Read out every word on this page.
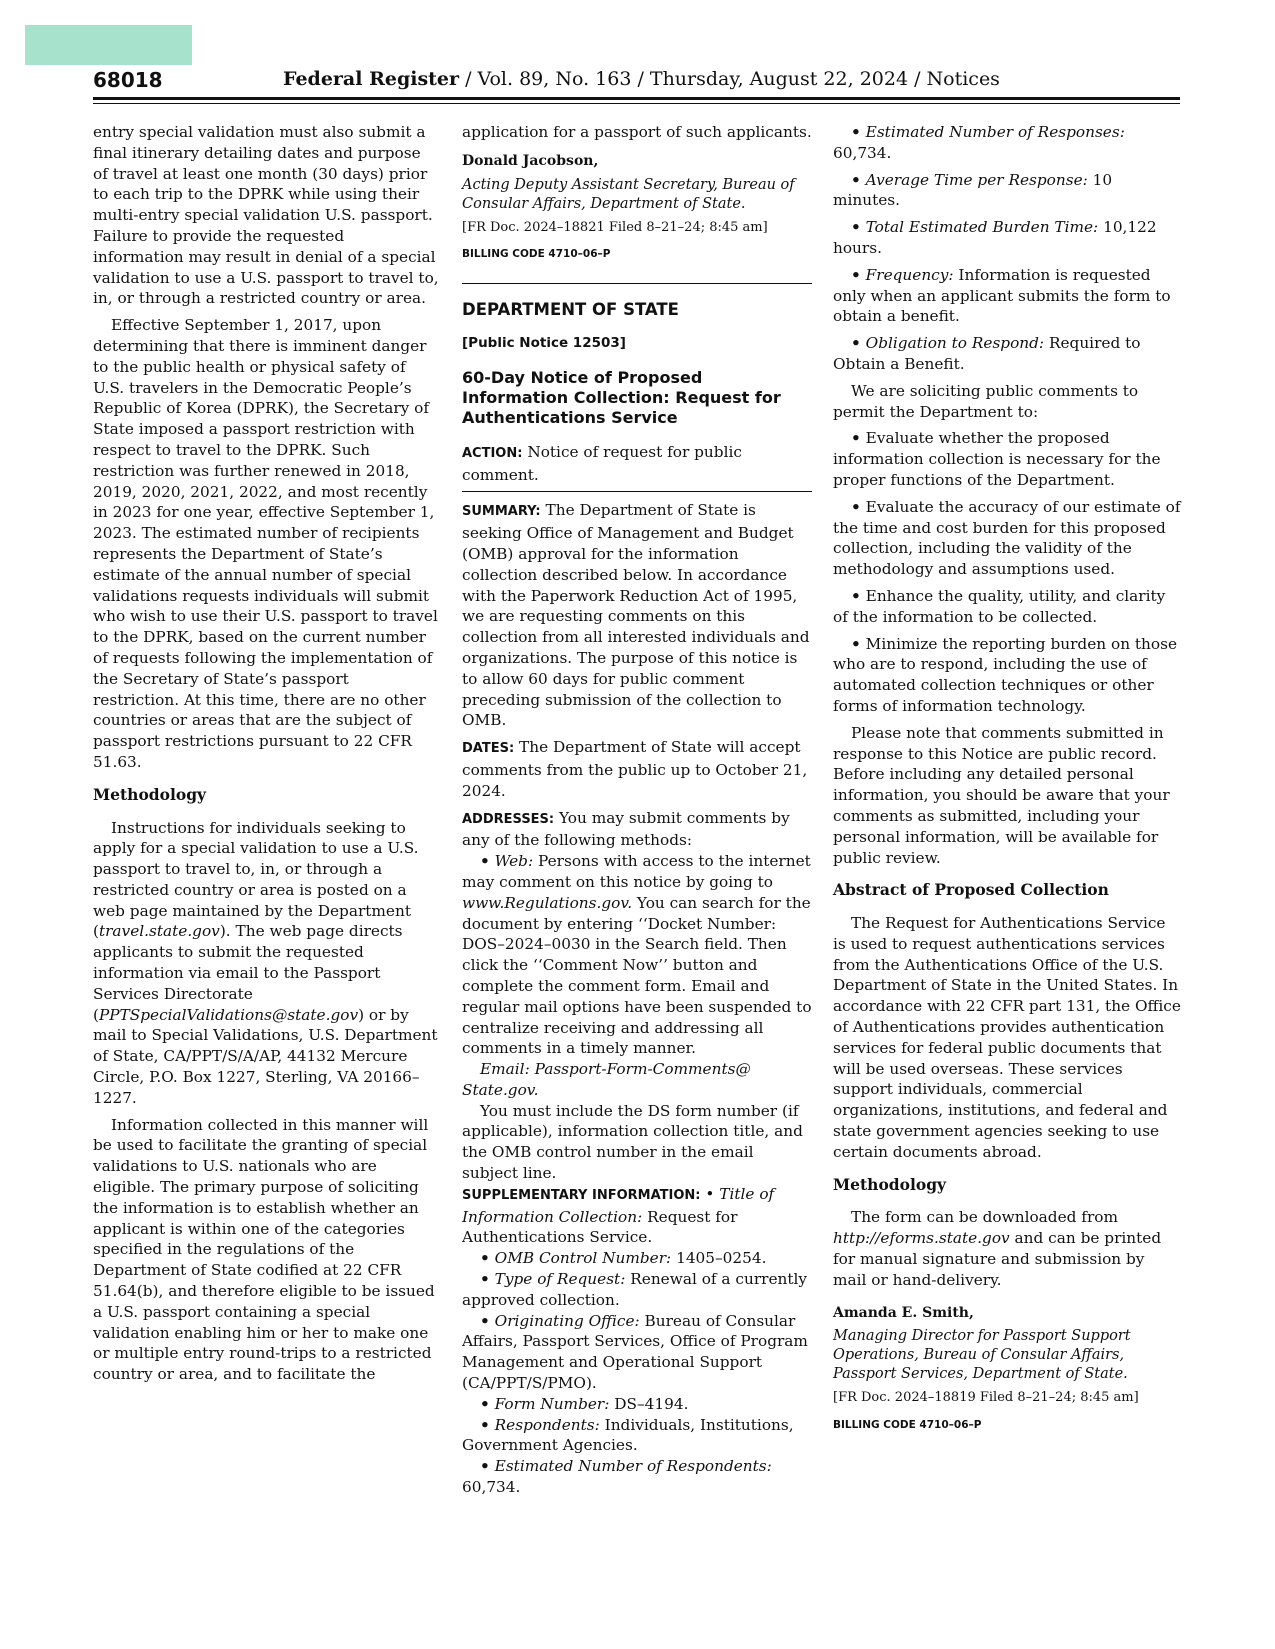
68018	Federal Register / Vol. 89, No. 163 / Thursday, August 22, 2024 / Notices

entry special validation must also submit a final itinerary detailing dates and purpose of travel at least one month (30 days) prior to each trip to the DPRK while using their multi-entry special validation U.S. passport. Failure to provide the requested information may result in denial of a special validation to use a U.S. passport to travel to, in, or through a restricted country or area.

Effective September 1, 2017, upon determining that there is imminent danger to the public health or physical safety of U.S. travelers in the Democratic People’s Republic of Korea (DPRK), the Secretary of State imposed a passport restriction with respect to travel to the DPRK. Such restriction was further renewed in 2018, 2019, 2020, 2021, 2022, and most recently in 2023 for one year, effective September 1, 2023. The estimated number of recipients represents the Department of State’s estimate of the annual number of special validations requests individuals will submit who wish to use their U.S. passport to travel to the DPRK, based on the current number of requests following the implementation of the Secretary of State’s passport restriction. At this time, there are no other countries or areas that are the subject of passport restrictions pursuant to 22 CFR 51.63.

Methodology

Instructions for individuals seeking to apply for a special validation to use a U.S. passport to travel to, in, or through a restricted country or area is posted on a web page maintained by the Department (travel.state.gov). The web page directs applicants to submit the requested information via email to the Passport Services Directorate (PPTSpecialValidations@state.gov) or by mail to Special Validations, U.S. Department of State, CA/PPT/S/A/AP, 44132 Mercure Circle, P.O. Box 1227, Sterling, VA 20166–1227.

Information collected in this manner will be used to facilitate the granting of special validations to U.S. nationals who are eligible. The primary purpose of soliciting the information is to establish whether an applicant is within one of the categories specified in the regulations of the Department of State codified at 22 CFR 51.64(b), and therefore eligible to be issued a U.S. passport containing a special validation enabling him or her to make one or multiple entry round-trips to a restricted country or area, and to facilitate the

application for a passport of such applicants.

Donald Jacobson,

Acting Deputy Assistant Secretary, Bureau of Consular Affairs, Department of State.

[FR Doc. 2024–18821 Filed 8–21–24; 8:45 am]

BILLING CODE 4710–06–P

DEPARTMENT OF STATE

[Public Notice 12503]

60-Day Notice of Proposed Information Collection: Request for Authentications Service

ACTION: Notice of request for public comment.

SUMMARY: The Department of State is seeking Office of Management and Budget (OMB) approval for the information collection described below. In accordance with the Paperwork Reduction Act of 1995, we are requesting comments on this collection from all interested individuals and organizations. The purpose of this notice is to allow 60 days for public comment preceding submission of the collection to OMB.

DATES: The Department of State will accept comments from the public up to October 21, 2024.

ADDRESSES: You may submit comments by any of the following methods:

• Web: Persons with access to the internet may comment on this notice by going to www.Regulations.gov. You can search for the document by entering ‘‘Docket Number: DOS–2024–0030 in the Search field. Then click the ‘‘Comment Now’’ button and complete the comment form. Email and regular mail options have been suspended to centralize receiving and addressing all comments in a timely manner.

Email: Passport-Form-Comments@ State.gov.

You must include the DS form number (if applicable), information collection title, and the OMB control number in the email subject line.

SUPPLEMENTARY INFORMATION: • Title of Information Collection: Request for Authentications Service.

• OMB Control Number: 1405–0254.

• Type of Request: Renewal of a currently approved collection.

• Originating Office: Bureau of Consular Affairs, Passport Services, Office of Program Management and Operational Support (CA/PPT/S/PMO).

• Form Number: DS–4194.

• Respondents: Individuals, Institutions, Government Agencies.

• Estimated Number of Respondents: 60,734.

• Estimated Number of Responses: 60,734.

• Average Time per Response: 10 minutes.

• Total Estimated Burden Time: 10,122 hours.

• Frequency: Information is requested only when an applicant submits the form to obtain a benefit.

• Obligation to Respond: Required to Obtain a Benefit.

We are soliciting public comments to permit the Department to:

• Evaluate whether the proposed information collection is necessary for the proper functions of the Department.

• Evaluate the accuracy of our estimate of the time and cost burden for this proposed collection, including the validity of the methodology and assumptions used.

• Enhance the quality, utility, and clarity of the information to be collected.

• Minimize the reporting burden on those who are to respond, including the use of automated collection techniques or other forms of information technology.

Please note that comments submitted in response to this Notice are public record. Before including any detailed personal information, you should be aware that your comments as submitted, including your personal information, will be available for public review.

Abstract of Proposed Collection

The Request for Authentications Service is used to request authentications services from the Authentications Office of the U.S. Department of State in the United States. In accordance with 22 CFR part 131, the Office of Authentications provides authentication services for federal public documents that will be used overseas. These services support individuals, commercial organizations, institutions, and federal and state government agencies seeking to use certain documents abroad.

Methodology

The form can be downloaded from http://eforms.state.gov and can be printed for manual signature and submission by mail or hand-delivery.

Amanda E. Smith,

Managing Director for Passport Support Operations, Bureau of Consular Affairs, Passport Services, Department of State.

[FR Doc. 2024–18819 Filed 8–21–24; 8:45 am]

BILLING CODE 4710–06–P
